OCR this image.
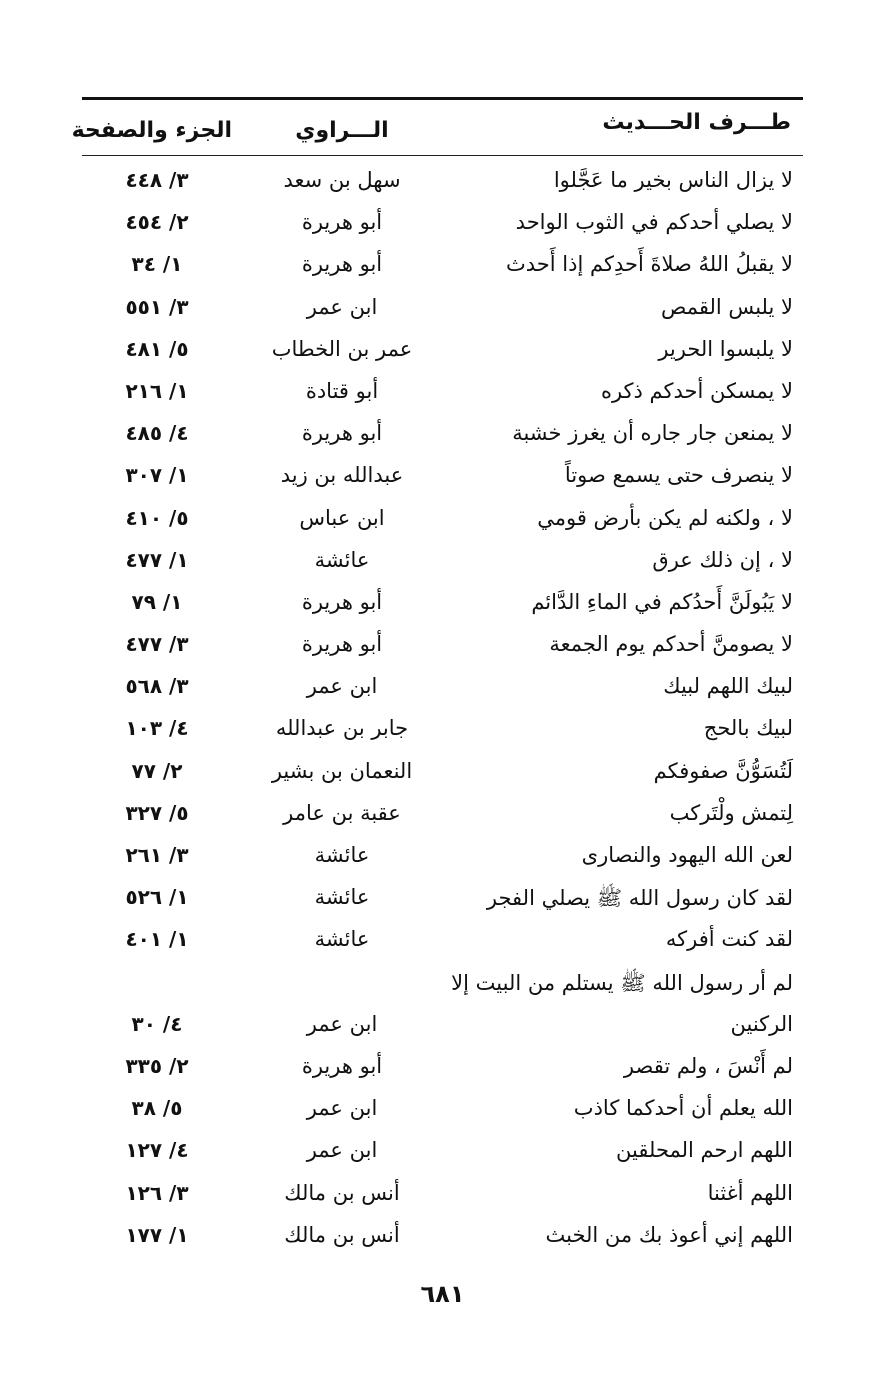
طـــرف الحـــديث
الـــراوي
الجزء والصفحة
لا يزال الناس بخير ما عَجَّلوا
سهل بن سعد
٣/ ٤٤٨
لا يصلي أحدكم في الثوب الواحد
أبو هريرة
٢/ ٤٥٤
لا يقبلُ اللهُ صلاةَ أَحدِكم إذا أَحدث
أبو هريرة
١/ ٣٤
لا يلبس القمص
ابن عمر
٣/ ٥٥١
لا يلبسوا الحرير
عمر بن الخطاب
٥/ ٤٨١
لا يمسكن أحدكم ذكره
أبو قتادة
١/ ٢١٦
لا يمنعن جار جاره أن يغرز خشبة
أبو هريرة
٤/ ٤٨٥
لا ينصرف حتى يسمع صوتاً
عبدالله بن زيد
١/ ٣٠٧
لا ، ولكنه لم يكن بأرض قومي
ابن عباس
٥/ ٤١٠
لا ، إن ذلك عرق
عائشة
١/ ٤٧٧
لا يَبُولَنَّ أَحدُكم في الماءِ الدَّائم
أبو هريرة
١/ ٧٩
لا يصومنَّ أحدكم يوم الجمعة
أبو هريرة
٣/ ٤٧٧
لبيك اللهم لبيك
ابن عمر
٣/ ٥٦٨
لبيك بالحج
جابر بن عبدالله
٤/ ١٠٣
لَتُسَوُّنَّ صفوفكم
النعمان بن بشير
٢/ ٧٧
لِتمش ولْتَركب
عقبة بن عامر
٥/ ٣٢٧
لعن الله اليهود والنصارى
عائشة
٣/ ٢٦١
لقد كان رسول الله ﷺ يصلي الفجر
عائشة
١/ ٥٢٦
لقد كنت أفركه
عائشة
١/ ٤٠١
لم أر رسول الله ﷺ يستلم من البيت إلا
الركنين
ابن عمر
٤/ ٣٠
لم أَنْسَ ، ولم تقصر
أبو هريرة
٢/ ٣٣٥
الله يعلم أن أحدكما كاذب
ابن عمر
٥/ ٣٨
اللهم ارحم المحلقين
ابن عمر
٤/ ١٢٧
اللهم أغثنا
أنس بن مالك
٣/ ١٢٦
اللهم إني أعوذ بك من الخبث
أنس بن مالك
١/ ١٧٧
٦٨١
